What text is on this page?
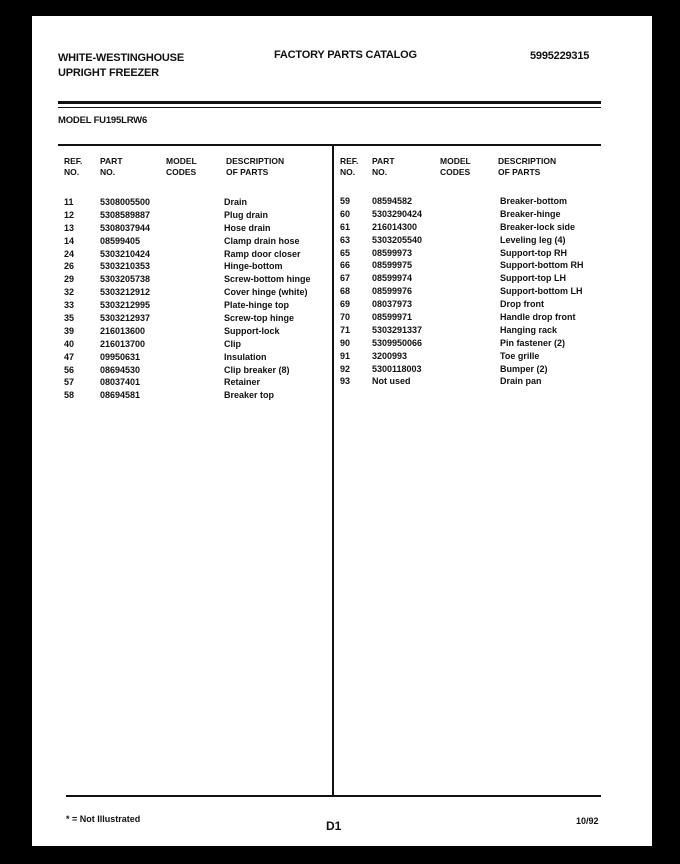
WHITE-WESTINGHOUSE
UPRIGHT FREEZER
FACTORY PARTS CATALOG	5995229315
MODEL FU195LRW6
REF.
NO.
PART
NO.
MODEL
CODES
DESCRIPTION
OF PARTS
REF.
NO.
PART
NO.
MODEL
CODES
DESCRIPTION
OF PARTS
11	5308005500	Drain
12	5308589887	Plug drain
13	5308037944	Hose drain
14	08599405	Clamp drain hose
24	5303210424	Ramp door closer
26	5303210353	Hinge-bottom
29	5303205738	Screw-bottom hinge
32	5303212912	Cover hinge (white)
33	5303212995	Plate-hinge top
35	5303212937	Screw-top hinge
39	216013600	Support-lock
40	216013700	Clip
47	09950631	Insulation
56	08694530	Clip breaker (8)
57	08037401	Retainer
58	08694581	Breaker top
59 08594582	Breaker-bottom
60 5303290424	Breaker-hinge
61 216014300	Breaker-lock side
63 5303205540	Leveling leg (4)
65 08599973	Support-top RH
66 08599975	Support-bottom RH
67 08599974	Support-top LH
68 08599976	Support-bottom LH
69 08037973	Drop front
70 08599971	Handle drop front
71 5303291337	Hanging rack
90 5309950066	Pin fastener (2)
91 3200993	Toe grille
92 5300118003	Bumper (2)
93 Not used	Drain pan
* = Not Illustrated	D1	10/92
